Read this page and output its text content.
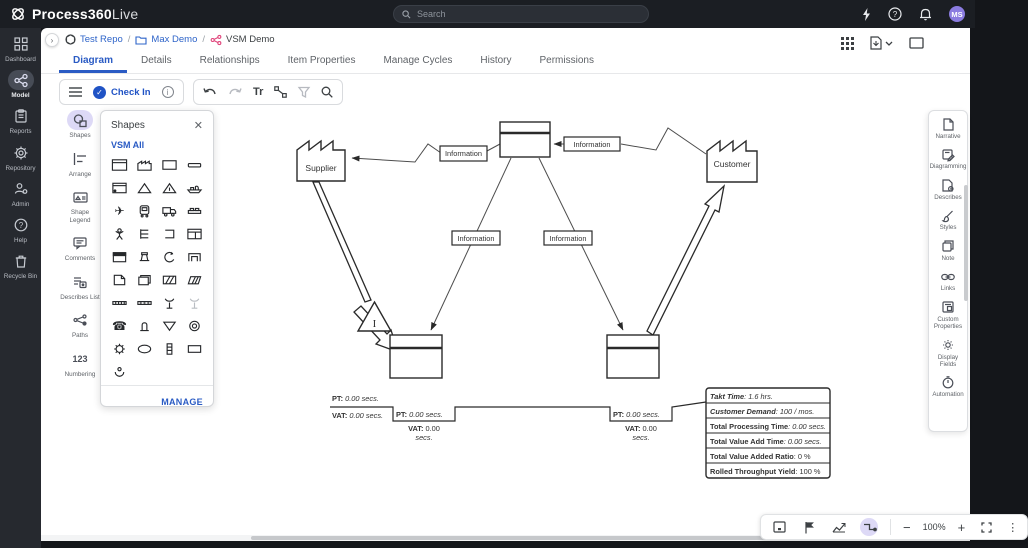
Process360Live
Search	?	MS
Dashboard
Model
Reports
Repository
Admin
?
Help
Recycle Bin
›	Test Repo / Max Demo / VSM Demo
Diagram	Details	Relationships	Item Properties	Manage Cycles	History	Permissions
✓ Check In	i	Tr
Supplier	Customer
I
Information
Information
Information	Information
PT: 0.00 secs.
VAT: 0.00 secs. PT: 0.00 secs.
VAT: 0.00
secs.
PT: 0.00 secs.
VAT: 0.00
secs.
Takt Time: 1.6 hrs.
Customer Demand: 100 / mos.
Total Processing Time: 0.00 secs.
Total Value Add Time: 0.00 secs.
Total Value Added Ratio: 0 %
Rolled Throughput Yield: 100 %
Shapes
Arrange
Shape Legend
Comments
Describes List
Paths
123
Numbering
Shapes	✕
VSM All
✈
☎
MANAGE
Narrative
Diagramming
Describes
Styles
Note
Links
Custom Properties
Display Fields
Automation
− 100% +	⋮
